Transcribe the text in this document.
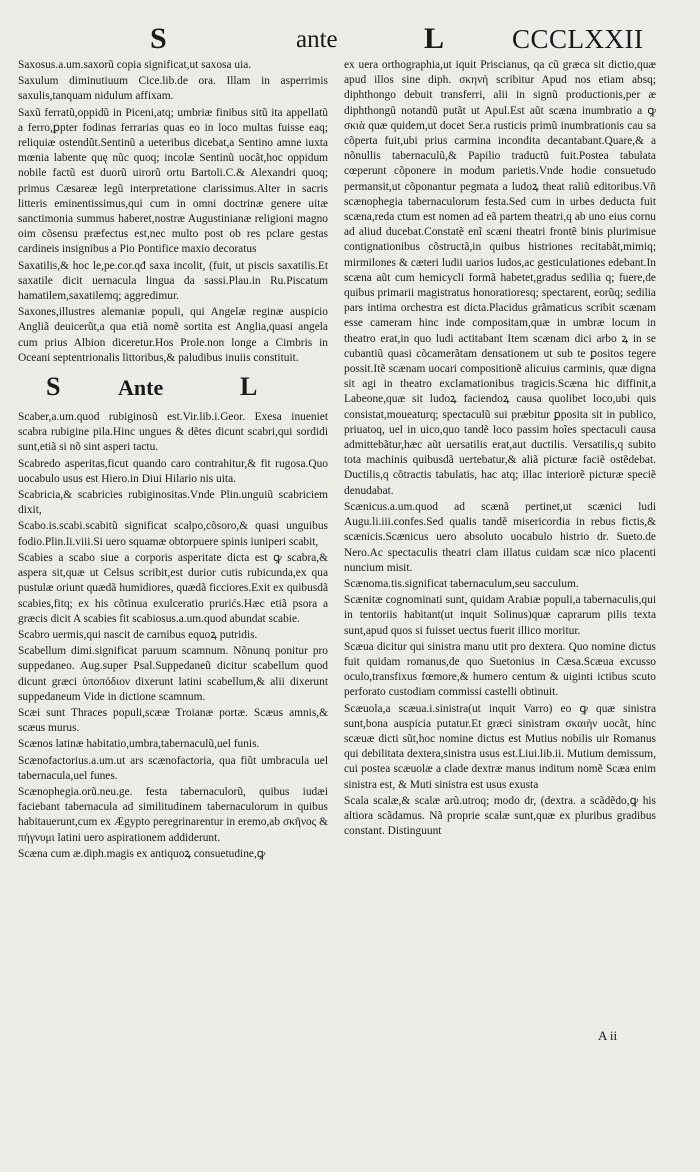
S	ante	L	CCCLXXII

Saxosus.a.um.saxorũ copia significat,ut saxosa uia.

Saxulum diminutiuum Cice.lib.de ora. Illam in asperrimis saxulis,tanquam nidulum affixam.

Saxũ ferratũ,oppidũ in Piceni,atq; umbriæ finibus sitũ ita appellatũ a ferro,ꝑpter fodinas ferrarias quas eo in loco multas fuisse eaq; reliquiæ ostendũt.Sentinũ a ueteribus dicebat,a Sentino amne iuxta mœnia labente quę nũc quoq; incolæ Sentinũ uocãt,hoc oppidum nobile factũ est duorũ uirorũ ortu Bartoli.C.& Alexandri quoq; primus Cæsareæ legũ interpretatione clarissimus.Alter in sacris litteris eminentissimus,qui cum in omni doctrinæ genere uitæ sanctimonia summus haberet,nostræ Augustinianæ religioni magno oim cõsensu præfectus est,nec multo post ob res pclare gestas cardineis insignibus a Pio Pontifice maxio decoratus

Saxatilis,& hoc le,pe.cor.qđ saxa incolit, (fuit, ut piscis saxatilis.Et saxatile dicit uernacula lingua da sassi.Plau.in Ru.Piscatum hamatilem,saxatilemq; aggredimur.

Saxones,illustres alemaniæ populi, qui Angelæ reginæ auspicio Angliã deuicerũt,a qua etiã nomẽ sortita est Anglia,quasi angela cum prius Albion diceretur.Hos Prole.non longe a Cimbris in Oceani septentrionalis littoribus,& paludibus inuiis constituit.

S	Ante	L

Scaber,a.um.quod rubiginosũ est.Vir.lib.i.Geor. Exesa inueniet scabra rubigine pila.Hinc ungues & dẽtes dicunt scabri,qui sordidi sunt,etiã si nõ sint asperi tactu.

Scabredo asperitas,ficut quando caro contrahitur,& fit rugosa.Quo uocabulo usus est Hiero.in Diui Hilario nis uita.

Scabricia,& scabricies rubiginositas.Vnde Plin.unguiũ scabriciem dixit,

Scabo.is.scabi.scabitũ significat scalpo,cõsoro,& quasi unguibus fodio.Plin.li.viii.Si uero squamæ obtorpuere spinis iuniperi scabit,

Scabies a scabo siue a corporis asperitate dicta est ꝙ scabra,& aspera sit,quæ ut Celsus scribit,est durior cutis rubicunda,ex qua pustulæ oriunt quædã humidiores, quædã ficciores.Exit ex quibusdã scabies,fitq; ex his cõtinua exulceratio prurićs.Hæc etiã psora a græcis dicit A scabies fit scabiosus.a.um.quod abundat scabie.

Scabro uermis,qui nascit de carnibus equoꝝ putridis.

Scabellum dimi.significat paruum scamnum. Nõnunq ponitur pro suppedaneo. Aug.super Psal.Suppedaneũ dicitur scabellum quod dicunt græci ὑποπόδιον dixerunt latini scabellum,& alii dixerunt suppedaneum Vide in dictione scamnum.

Scæi sunt Thraces populi,scææ Troianæ portæ. Scæus amnis,& scæus murus.

Scænos latinæ habitatio,umbra,tabernaculũ,uel funis.

Scænofactorius.a.um.ut ars scænofactoria, qua fiũt umbracula uel tabernacula,uel funes.

Scænophegia.orũ.neu.ge. festa tabernaculorũ, quibus iudæi faciebant tabernacula ad similitudinem tabernaculorum in quibus habitauerunt,cum ex Ægypto peregrinarentur in eremo,ab σκῆνος & πήγνυμι latini uero aspirationem addiderunt.

Scæna cum æ.diph.magis ex antiquoꝝ consuetudine,ꝙ

ex uera orthographia,ut iquit Priscianus, qa cũ græca sit dictio,quæ apud illos sine diph. σκηνὴ scribitur Apud nos etiam absq; diphthongo debuit transferri, alii in signũ productionis,per æ diphthongũ notandũ putãt ut Apul.Est aũt scæna inumbratio a ꝙ σκιὰ quæ quidem,ut docet Ser.a rusticis primũ inumbrationis cau sa cõperta fuit,ubi prius carmina incondita decantabant.Quare,& a nõnullis tabernaculũ,& Papilio traductũ fuit.Postea tabulata cœperunt cõponere in modum parietis.Vnde hodie consuetudo permansit,ut cõponantur pegmata a ludoꝝ theat raliũ editoribus.Vñ scænophegia tabernaculorum festa.Sed cum in urbes deducta fuit scæna,reda ctum est nomen ad eã partem theatri,q ab uno eius cornu ad aliud ducebat.Constatẽ enĩ scæni theatri frontẽ binis plurimisue contignationibus cõstructã,in quibus histriones recitabãt,mimiq; mirmilones & cæteri ludii uarios ludos,ac gesticulationes edebant.In scæna aũt cum hemicycli formã habetet,gradus sedilia q; fuere,de quibus primarii magistratus honoratioresq; spectarent, eorũq; sedilia pars intima orchestra est dicta.Placidus grãmaticus scribit scænam esse cameram hinc inde compositam,quæ in umbræ locum in theatro erat,in quo ludi actitabant Item scænam dici arbo ꝝ in se cubantiũ quasi cõcamerãtam densationem ut sub te ꝑositos tegere possit.Itẽ scænam uocari compositionẽ alicuius carminis, quæ digna sit agi in theatro exclamationibus tragicis.Scæna hic diffinit,a Labeone,quæ sit ludoꝝ faciendoꝝ causa quolibet loco,ubi quis consistat,moueaturq; spectaculũ sui præbitur ꝑposita sit in publico, priuatoq, uel in uico,quo tandẽ loco passim hoĩes spectaculi causa admittebãtur,hæc aũt uersatilis erat,aut ductilis. Versatilis,q subito tota machinis quibusdã uertebatur,& aliã picturæ faciẽ ostẽdebat. Ductilis,q cõtractis tabulatis, hac atq; illac interiorẽ picturæ speciẽ denudabat.

Scænicus.a.um.quod ad scænã pertinet,ut scænici ludi Augu.li.iii.confes.Sed qualis tandẽ misericordia in rebus fictis,& scænicis.Scænicus uero absoluto uocabulo histrio dr. Sueto.de Nero.Ac spectaculis theatri clam illatus cuidam scæ nico placenti nuncium misit.

Scænoma.tis.significat tabernaculum,seu sacculum.

Scænitæ cognominati sunt, quidam Arabiæ populi,a tabernaculis,qui in tentoriis habitant(ut inquit Solinus)quæ caprarum pilis texta sunt,apud quos si fuisset uectus fuerit illico moritur.

Scæua dicitur qui sinistra manu utit pro dextera. Quo nomine dictus fuit quidam romanus,de quo Suetonius in Cæsa.Scæua excusso oculo,transfixus fœmore,& humero centum & uiginti ictibus scuto perforato custodiam commissi castelli obtinuit.

Scæuola,a scæua.i.sinistra(ut inquit Varro) eo ꝙ quæ sinistra sunt,bona auspicia putatur.Et græci sinistram σκαιὴν uocãt, hinc scæuæ dicti sũt,hoc nomine dictus est Mutius nobilis uir Romanus qui debilitata dextera,sinistra usus est.Liui.lib.ii. Mutium demissum, cui postea scæuolæ a clade dextræ manus inditum nomẽ Scæa enim sinistra est, & Muti sinistra est usus exusta

Scala scalæ,& scalæ arũ.utroq; modo dr, (dextra. a scãdẽdo,ꝙ his altiora scãdamus. Nã proprie scalæ sunt,quæ ex pluribus gradibus constant. Distinguunt

A ii
